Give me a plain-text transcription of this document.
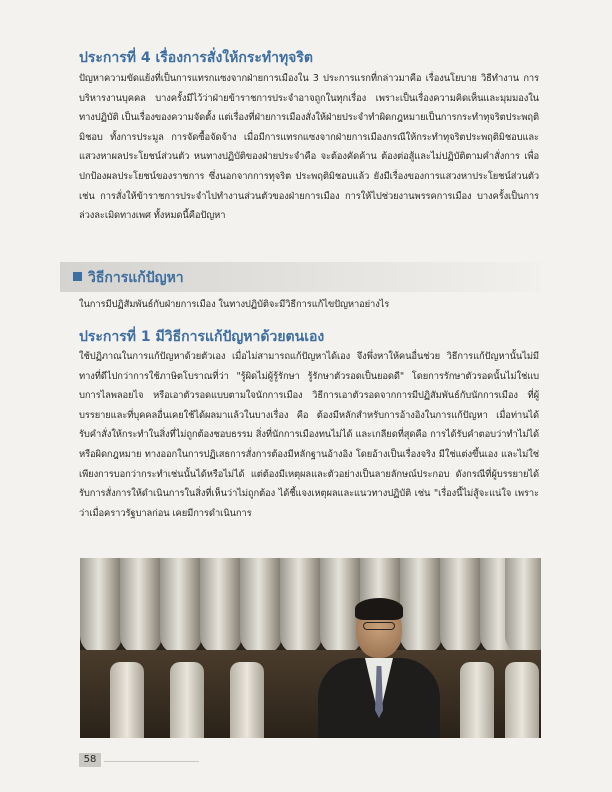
ประการที่ 4 เรื่องการสั่งให้กระทำทุจริต
ปัญหาความขัดแย้งที่เป็นการแทรกแซงจากฝ่ายการเมืองใน 3 ประการแรกที่กล่าวมาคือ เรื่องนโยบาย วิธีทำงาน การบริหารงานบุคคล บางครั้งมีไว้ว่าฝ่ายข้าราชการประจำอาจถูกในทุกเรื่อง เพราะเป็นเรื่องความคิดเห็นและมุมมองในทางปฏิบัติ เป็นเรื่องของความจัดตั้ง แต่เรื่องที่ฝ่ายการเมืองสั่งให้ฝ่ายประจำทำผิดกฎหมายเป็นการกระทำทุจริตประพฤติมิชอบ ทั้งการประมูล การจัดซื้อจัดจ้าง เมื่อมีการแทรกแซงจากฝ่ายการเมืองกรณีให้กระทำทุจริตประพฤติมิชอบและแสวงหาผลประโยชน์ส่วนตัว หนทางปฏิบัติของฝ่ายประจำคือ จะต้องคัดค้าน ต้องต่อสู้และไม่ปฏิบัติตามคำสั่งการ เพื่อปกป้องผลประโยชน์ของราชการ ซึ่งนอกจากการทุจริต ประพฤติมิชอบแล้ว ยังมีเรื่องของการแสวงหาประโยชน์ส่วนตัว เช่น การสั่งให้ข้าราชการประจำไปทำงานส่วนตัวของฝ่ายการเมือง การให้ไปช่วยงานพรรคการเมือง บางครั้งเป็นการล่วงละเมิดทางเพศ ทั้งหมดนี้คือปัญหา
วิธีการแก้ปัญหา
ในการมีปฏิสัมพันธ์กับฝ่ายการเมือง ในทางปฏิบัติจะมีวิธีการแก้ไขปัญหาอย่างไร
ประการที่ 1 มีวิธีการแก้ปัญหาด้วยตนเอง
ใช้ปฏิภาณในการแก้ปัญหาด้วยตัวเอง เมื่อไม่สามารถแก้ปัญหาได้เอง จึงพึ่งหาให้คนอื่นช่วย วิธีการแก้ปัญหานั้นไม่มีทางที่ดีไปกว่าการใช้ภาษิตโบราณที่ว่า "รู้ผิดไม่ผู้รู้รักษา รู้รักษาตัวรอดเป็นยอดดี" โดยการรักษาตัวรอดนั้นไม่ใช่แบบการไลพลอยไจ หรือเอาตัวรอดแบบตามใจนักการเมือง วิธีการเอาตัวรอดจากการมีปฏิสัมพันธ์กับนักการเมือง ที่ผู้บรรยายและที่บุคคลอื่นเคยใช้ได้ผลมาแล้วในบางเรื่อง คือ ต้องมีหลักสำหรับการอ้างอิงในการแก้ปัญหา เมื่อท่านได้รับคำสั่งให้กระทำในสิ่งที่ไม่ถูกต้องชอบธรรม สิ่งที่นักการเมืองทนไม่ได้ และเกลียดที่สุดคือ การได้รับคำตอบว่าทำไม่ได้ หรือผิดกฎหมาย ทางออกในการปฏิเสธการสั่งการต้องมีหลักฐานอ้างอิง โดยอ้างเป็นเรื่องจริง มีใช่แต่งขึ้นเอง และไม่ใช่เพียงการบอกว่ากระทำเช่นนั้นได้หรือไม่ได้ แต่ต้องมีเหตุผลและตัวอย่างเป็นลายลักษณ์ประกอบ ดังกรณีที่ผู้บรรยายได้รับการสั่งการให้ดำเนินการในสิ่งที่เห็นว่าไม่ถูกต้อง ได้ชี้แจงเหตุผลและแนวทางปฏิบัติ เช่น "เรื่องนี้ไม่สู้จะแน่ใจ เพราะว่าเมื่อคราวรัฐบาลก่อน เคยมีการดำเนินการ
58
